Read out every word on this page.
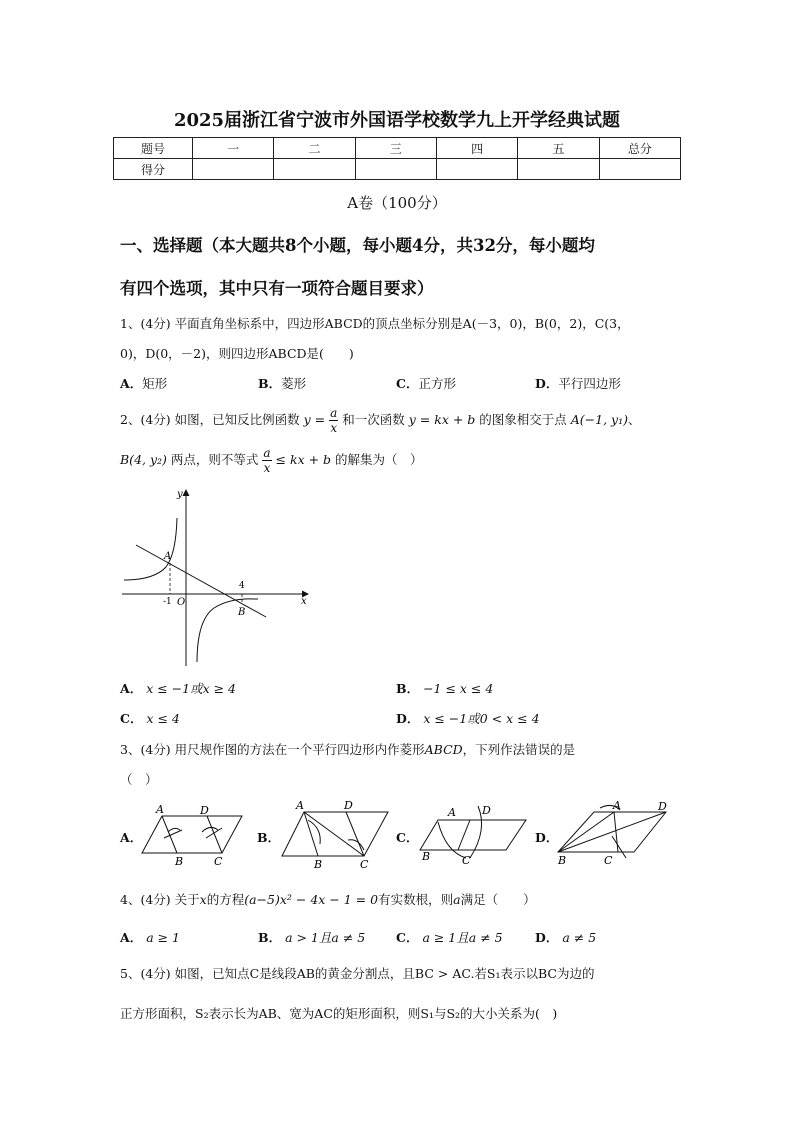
2025届浙江省宁波市外国语学校数学九上开学经典试题
题号	一	二	三	四	五	总分
得分						
A卷（100分）
一、选择题（本大题共8个小题，每小题4分，共32分，每小题均
有四个选项，其中只有一项符合题目要求）
1、(4分) 平面直角坐标系中，四边形ABCD的顶点坐标分别是A(－3，0)，B(0，2)，C(3，
0)，D(0，－2)，则四边形ABCD是(　　)
A．矩形	B．菱形	C．正方形	D．平行四边形
2、(4分) 如图，已知反比例函数 $y = \frac{a}{x}$ 和一次函数 y = kx + b 的图象相交于点 A(−1, y₁)、
B(4, y₂) 两点，则不等式 $\frac{a}{x}$ ≤ kx + b 的解集为（　）
x
y
O
A
B
-1
4
A． x ≤ −1或x ≥ 4	B． −1 ≤ x ≤ 4
C． x ≤ 4	D． x ≤ −1或0 < x ≤ 4
3、(4分) 用尺规作图的方法在一个平行四边形内作菱形ABCD，下列作法错误的是
（　）
A．
A	D
B	C
B．
A	D
B	C
C．
A D
B	C
D．
A	D
B	C
4、(4分) 关于x的方程(a−5)x² − 4x − 1 = 0有实数根，则a满足（　　）
A． a ≥ 1	B． a > 1且a ≠ 5 C． a ≥ 1且a ≠ 5	D． a ≠ 5
5、(4分) 如图，已知点C是线段AB的黄金分割点，且BC > AC.若S₁表示以BC为边的
正方形面积，S₂表示长为AB、宽为AC的矩形面积，则S₁与S₂的大小关系为(　)
